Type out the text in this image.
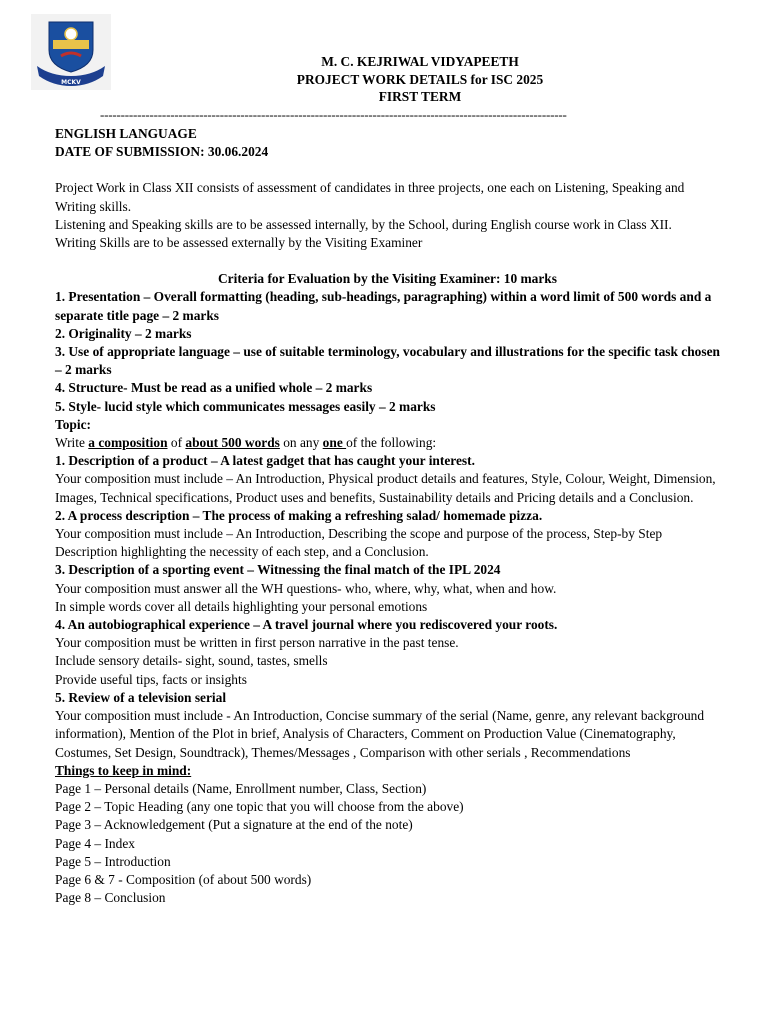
MCKV
M. C. KEJRIWAL VIDYAPEETH
PROJECT WORK DETAILS for ISC 2025
FIRST TERM
-----------------------------------------------------------------------------------------------------------------

ENGLISH LANGUAGE

DATE OF SUBMISSION: 30.06.2024

Project Work in Class XII consists of assessment of candidates in three projects, one each on Listening, Speaking and Writing skills.

Listening and Speaking skills are to be assessed internally, by the School, during English course work in Class XII.

Writing Skills are to be assessed externally by the Visiting Examiner

Criteria for Evaluation by the Visiting Examiner: 10 marks

1. Presentation – Overall formatting (heading, sub-headings, paragraphing) within a word limit of 500 words and a separate title page – 2 marks

2. Originality – 2 marks

3. Use of appropriate language – use of suitable terminology, vocabulary and illustrations for the specific task chosen – 2 marks

4. Structure- Must be read as a unified whole – 2 marks

5. Style- lucid style which communicates messages easily – 2 marks

Topic:

Write a composition of about 500 words on any one of the following:

1. Description of a product – A latest gadget that has caught your interest.

Your composition must include – An Introduction, Physical product details and features, Style, Colour, Weight, Dimension, Images, Technical specifications, Product uses and benefits, Sustainability details and Pricing details and a Conclusion.

2. A process description – The process of making a refreshing salad/ homemade pizza.

Your composition must include – An Introduction, Describing the scope and purpose of the process, Step-by Step Description highlighting the necessity of each step, and a Conclusion.

3. Description of a sporting event – Witnessing the final match of the IPL 2024

Your composition must answer all the WH questions- who, where, why, what, when and how.

In simple words cover all details highlighting your personal emotions

4. An autobiographical experience – A travel journal where you rediscovered your roots.

Your composition must be written in first person narrative in the past tense.

Include sensory details- sight, sound, tastes, smells

Provide useful tips, facts or insights

5. Review of a television serial

Your composition must include - An Introduction, Concise summary of the serial (Name, genre, any relevant background information), Mention of the Plot in brief, Analysis of Characters, Comment on Production Value (Cinematography, Costumes, Set Design, Soundtrack), Themes/Messages , Comparison with other serials , Recommendations

Things to keep in mind:

Page 1 – Personal details (Name, Enrollment number, Class, Section)

Page 2 – Topic Heading (any one topic that you will choose from the above)

Page 3 – Acknowledgement (Put a signature at the end of the note)

Page 4 – Index

Page 5 – Introduction

Page 6 & 7 - Composition (of about 500 words)

Page 8 – Conclusion
